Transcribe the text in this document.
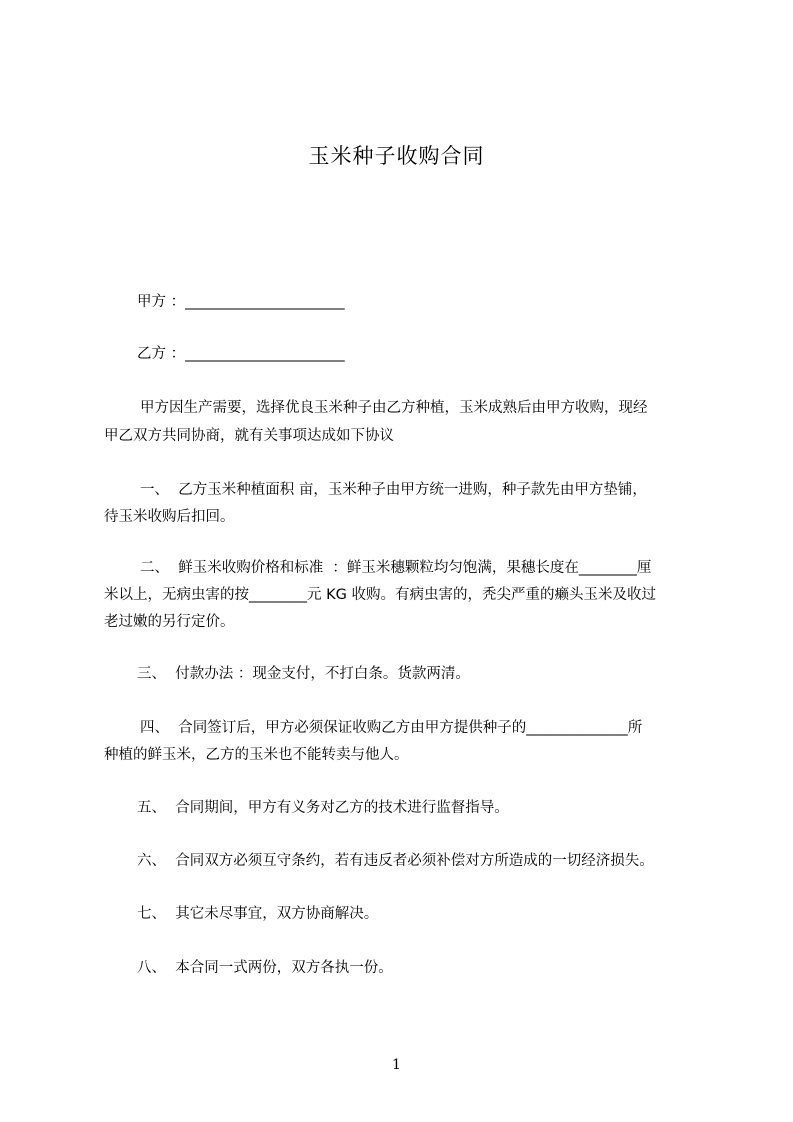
玉米种子收购合同
甲方 ：______________________
乙方 ：______________________
甲方因生产需要，选择优良玉米种子由乙方种植，玉米成熟后由甲方收购，现经
甲乙双方共同协商，就有关事项达成如下协议
一、  乙方玉米种植面积 亩，玉米种子由甲方统一进购，种子款先由甲方垫铺，
待玉米收购后扣回。
二、  鲜玉米收购价格和标准  ：鲜玉米穗颗粒均匀饱满，果穗长度在________厘
米以上，无病虫害的按________元 KG 收购。有病虫害的，秃尖严重的癞头玉米及收过
老过嫩的另行定价。
三、  付款办法 ：现金支付，不打白条。货款两清。
四、  合同签订后，甲方必须保证收购乙方由甲方提供种子的______________所
种植的鲜玉米，乙方的玉米也不能转卖与他人。
五、  合同期间，甲方有义务对乙方的技术进行监督指导。
六、  合同双方必须互守条约，若有违反者必须补偿对方所造成的一切经济损失。
七、  其它未尽事宜，双方协商解决。
八、  本合同一式两份，双方各执一份。
1
